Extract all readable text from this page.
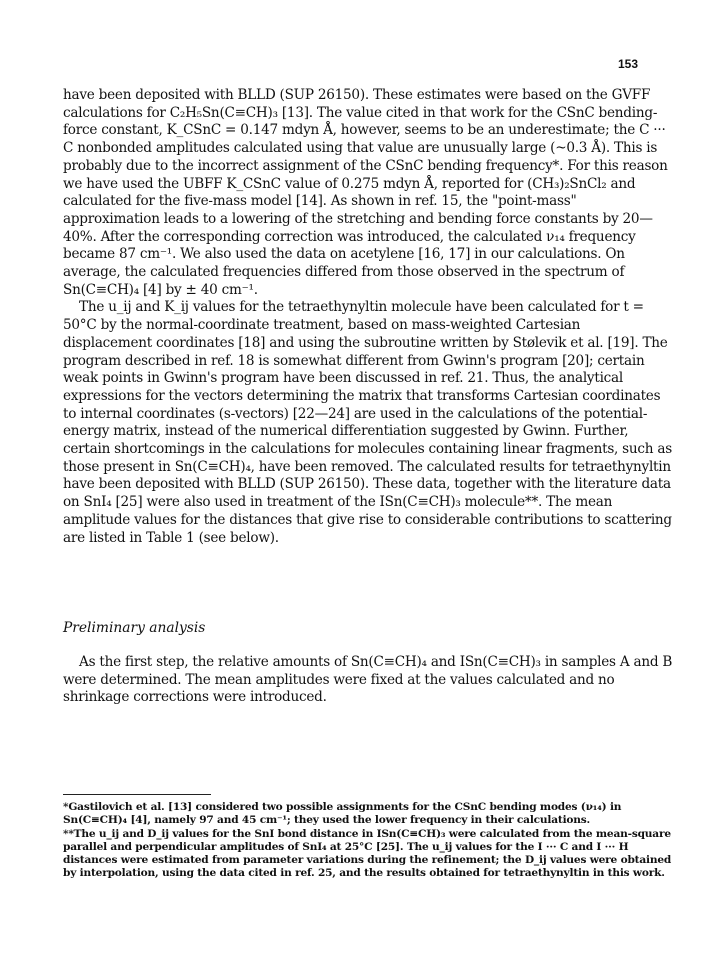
153

have been deposited with BLLD (SUP 26150). These estimates were based on the GVFF calculations for C₂H₅Sn(C≡CH)₃ [13]. The value cited in that work for the CSnC bending-force constant, K_CSnC = 0.147 mdyn Å, however, seems to be an underestimate; the C ··· C nonbonded amplitudes calculated using that value are unusually large (~0.3 Å). This is probably due to the incorrect assignment of the CSnC bending frequency*. For this reason we have used the UBFF K_CSnC value of 0.275 mdyn Å, reported for (CH₃)₂SnCl₂ and calculated for the five-mass model [14]. As shown in ref. 15, the "point-mass" approximation leads to a lowering of the stretching and bending force constants by 20—40%. After the corresponding correction was introduced, the calculated ν₁₄ frequency became 87 cm⁻¹. We also used the data on acetylene [16, 17] in our calculations. On average, the calculated frequencies differed from those observed in the spectrum of Sn(C≡CH)₄ [4] by ± 40 cm⁻¹.

The u_ij and K_ij values for the tetraethynyltin molecule have been calculated for t = 50°C by the normal-coordinate treatment, based on mass-weighted Cartesian displacement coordinates [18] and using the subroutine written by Stølevik et al. [19]. The program described in ref. 18 is somewhat different from Gwinn's program [20]; certain weak points in Gwinn's program have been discussed in ref. 21. Thus, the analytical expressions for the vectors determining the matrix that transforms Cartesian coordinates to internal coordinates (s-vectors) [22—24] are used in the calculations of the potential-energy matrix, instead of the numerical differentiation suggested by Gwinn. Further, certain shortcomings in the calculations for molecules containing linear fragments, such as those present in Sn(C≡CH)₄, have been removed. The calculated results for tetraethynyltin have been deposited with BLLD (SUP 26150). These data, together with the literature data on SnI₄ [25] were also used in treatment of the ISn(C≡CH)₃ molecule**. The mean amplitude values for the distances that give rise to considerable contributions to scattering are listed in Table 1 (see below).

Preliminary analysis

As the first step, the relative amounts of Sn(C≡CH)₄ and ISn(C≡CH)₃ in samples A and B were determined. The mean amplitudes were fixed at the values calculated and no shrinkage corrections were introduced.

*Gastilovich et al. [13] considered two possible assignments for the CSnC bending modes (ν₁₄) in Sn(C≡CH)₄ [4], namely 97 and 45 cm⁻¹; they used the lower frequency in their calculations.

**The u_ij and D_ij values for the SnI bond distance in ISn(C≡CH)₃ were calculated from the mean-square parallel and perpendicular amplitudes of SnI₄ at 25°C [25]. The u_ij values for the I ··· C and I ··· H distances were estimated from parameter variations during the refinement; the D_ij values were obtained by interpolation, using the data cited in ref. 25, and the results obtained for tetraethynyltin in this work.
